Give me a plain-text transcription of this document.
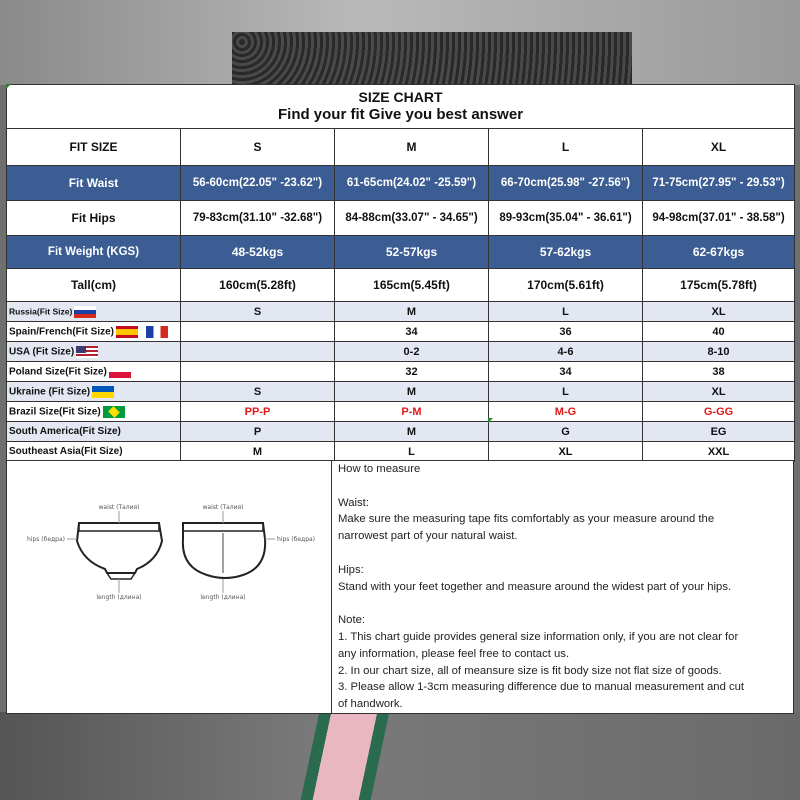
SIZE CHART
Find your fit Give you best answer				

FIT SIZE	S	M	L	XL
Fit Waist	56-60cm(22.05" -23.62")	61-65cm(24.02" -25.59")	66-70cm(25.98" -27.56")	71-75cm(27.95" - 29.53")
Fit Hips	79-83cm(31.10" -32.68")	84-88cm(33.07" - 34.65")	89-93cm(35.04" - 36.61")	94-98cm(37.01" - 38.58")
Fit Weight (KGS)	48-52kgs	52-57kgs	57-62kgs	62-67kgs
Tall(cm)	160cm(5.28ft)	165cm(5.45ft)	170cm(5.61ft)	175cm(5.78ft)
Russia(Fit Size)	S	M	L	XL
Spain/French(Fit Size)		34	36	40
USA (Fit Size)		0-2	4-6	8-10
Poland Size(Fit Size)		32	34	38
Ukraine (Fit Size)	S	M	L	XL
Brazil Size(Fit Size)	PP-P	P-M	M-G	G-GG
South America(Fit Size)	P	M	G	EG
Southeast Asia(Fit Size)	M	L	XL	XXL
waist (Талия)	waist (Талия)
hips (бедра)	hips (бедра)
length (длина)	length (длина)

How to measure

Waist:

Make sure the measuring tape fits comfortably as your measure around the

narrowest part of your natural waist.

Hips:

Stand with your feet together and measure around the widest part of your hips.

Note:

1. This chart guide provides general size information only, if you are not clear for

any information, please feel free to contact us.

2. In our chart size, all of meansure size is fit body size not flat size of goods.

3. Please allow 1-3cm measuring difference due to manual measurement and cut

of handwork.
